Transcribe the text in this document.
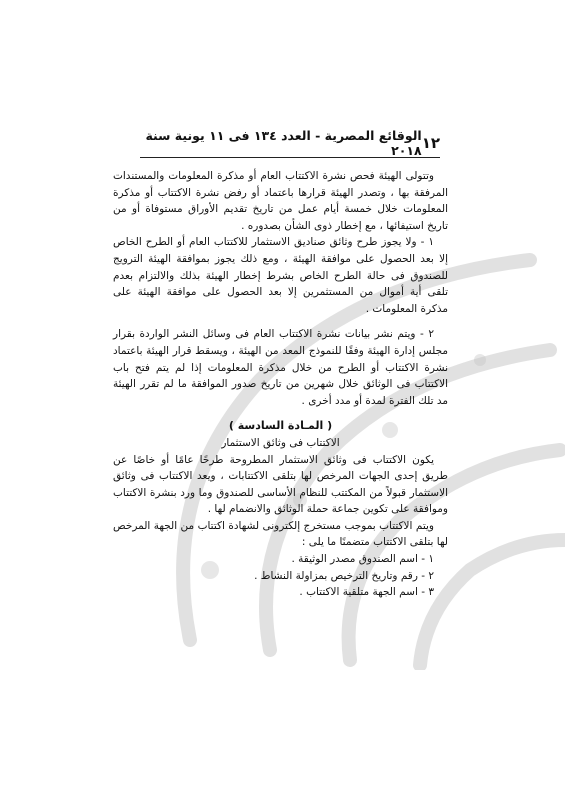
١٢
الوقائع المصرية - العدد ١٣٤ فى ١١ يونية سنة ٢٠١٨

وتتولى الهيئة فحص نشرة الاكتتاب العام أو مذكرة المعلومات والمستندات المرفقة بها ، وتصدر الهيئة قرارها باعتماد أو رفض نشرة الاكتتاب أو مذكرة المعلومات خلال خمسة أيام عمل من تاريخ تقديم الأوراق مستوفاة أو من تاريخ استيفائها ، مع إخطار ذوى الشأن بصدوره .

١ - ولا يجوز طرح وثائق صناديق الاستثمار للاكتتاب العام أو الطرح الخاص إلا بعد الحصول على موافقة الهيئة ، ومع ذلك يجوز بموافقة الهيئة الترويج للصندوق فى حالة الطرح الخاص بشرط إخطار الهيئة بذلك والالتزام بعدم تلقى أية أموال من المستثمرين إلا بعد الحصول على موافقة الهيئة على مذكرة المعلومات .

٢ - ويتم نشر بيانات نشرة الاكتتاب العام فى وسائل النشر الواردة بقرار مجلس إدارة الهيئة وفقًا للنموذج المعد من الهيئة ، ويسقط قرار الهيئة باعتماد نشرة الاكتتاب أو الطرح من خلال مذكرة المعلومات إذا لم يتم فتح باب الاكتتاب فى الوثائق خلال شهرين من تاريخ صدور الموافقة ما لم تقرر الهيئة مد تلك الفترة لمدة أو مدد أخرى .

( المـادة السادسة )

الاكتتاب فى وثائق الاستثمار

يكون الاكتتاب فى وثائق الاستثمار المطروحة طرحًا عامًا أو خاصًا عن طريق إحدى الجهات المرخص لها بتلقى الاكتتابات ، ويعد الاكتتاب فى وثائق الاستثمار قبولاً من المكتتب للنظام الأساسى للصندوق وما ورد بنشرة الاكتتاب وموافقة على تكوين جماعة حملة الوثائق والانضمام لها .

ويتم الاكتتاب بموجب مستخرج إلكترونى لشهادة اكتتاب من الجهة المرخص لها بتلقى الاكتتاب متضمنًا ما يلى :

١ - اسم الصندوق مصدر الوثيقة .

٢ - رقم وتاريخ الترخيص بمزاولة النشاط .

٣ - اسم الجهة متلقية الاكتتاب .
